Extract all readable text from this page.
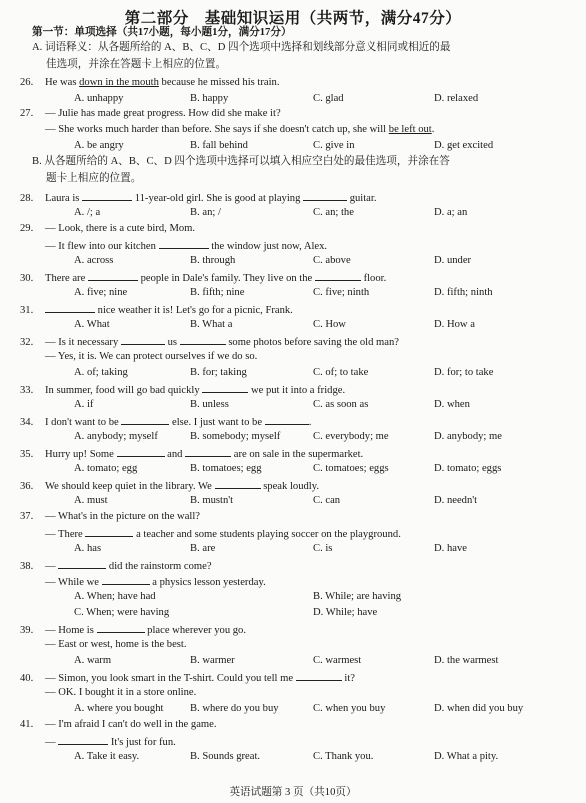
第二部分　基础知识运用（共两节，满分47分）
第一节：单项选择（共17小题，每小题1分，满分17分）
A. 词语释义：从各题所给的 A、B、C、D 四个选项中选择和划线部分意义相同或相近的最
佳选项，并涂在答题卡上相应的位置。
26. He was down in the mouth because he missed his train.
A. unhappy	B. happy	C. glad	D. relaxed
27. — Julie has made great progress. How did she make it?
— She works much harder than before. She says if she doesn't catch up, she will be left out.
A. be angry	B. fall behind	C. give in	D. get excited
B. 从各题所给的 A、B、C、D 四个选项中选择可以填入相应空白处的最佳选项，并涂在答
题卡上相应的位置。
28. Laura is	11-year-old girl. She is good at playing	guitar.
A. /; a	B. an; /	C. an; the	D. a; an
29. — Look, there is a cute bird, Mom.
— It flew into our kitchen	the window just now, Alex.
A. across	B. through	C. above	D. under
30. There are	people in Dale's family. They live on the	floor.
A. five; nine	B. fifth; nine	C. five; ninth	D. fifth; ninth
31.	nice weather it is! Let's go for a picnic, Frank.
A. What	B. What a	C. How	D. How a
32. — Is it necessary	us	some photos before saving the old man?
— Yes, it is. We can protect ourselves if we do so.
A. of; taking	B. for; taking	C. of; to take	D. for; to take
33. In summer, food will go bad quickly	we put it into a fridge.
A. if	B. unless	C. as soon as	D. when
34. I don't want to be	else. I just want to be	.
A. anybody; myself	B. somebody; myself	C. everybody; me	D. anybody; me
35. Hurry up! Some	and	are on sale in the supermarket.
A. tomato; egg	B. tomatoes; egg	C. tomatoes; eggs	D. tomato; eggs
36. We should keep quiet in the library. We	speak loudly.
A. must	B. mustn't	C. can	D. needn't
37. — What's in the picture on the wall?
— There	a teacher and some students playing soccer on the playground.
A. has	B. are	C. is	D. have
38. —	did the rainstorm come?
— While we	a physics lesson yesterday.
A. When; have had	B. While; are having
C. When; were having	D. While; have
39. — Home is	place wherever you go.
— East or west, home is the best.
A. warm	B. warmer	C. warmest	D. the warmest
40. — Simon, you look smart in the T-shirt. Could you tell me	it?
— OK. I bought it in a store online.
A. where you bought	B. where do you buy	C. when you buy	D. when did you buy
41. — I'm afraid I can't do well in the game.
—	It's just for fun.
A. Take it easy.	B. Sounds great.	C. Thank you.	D. What a pity.
英语试题第 3 页（共10页）
